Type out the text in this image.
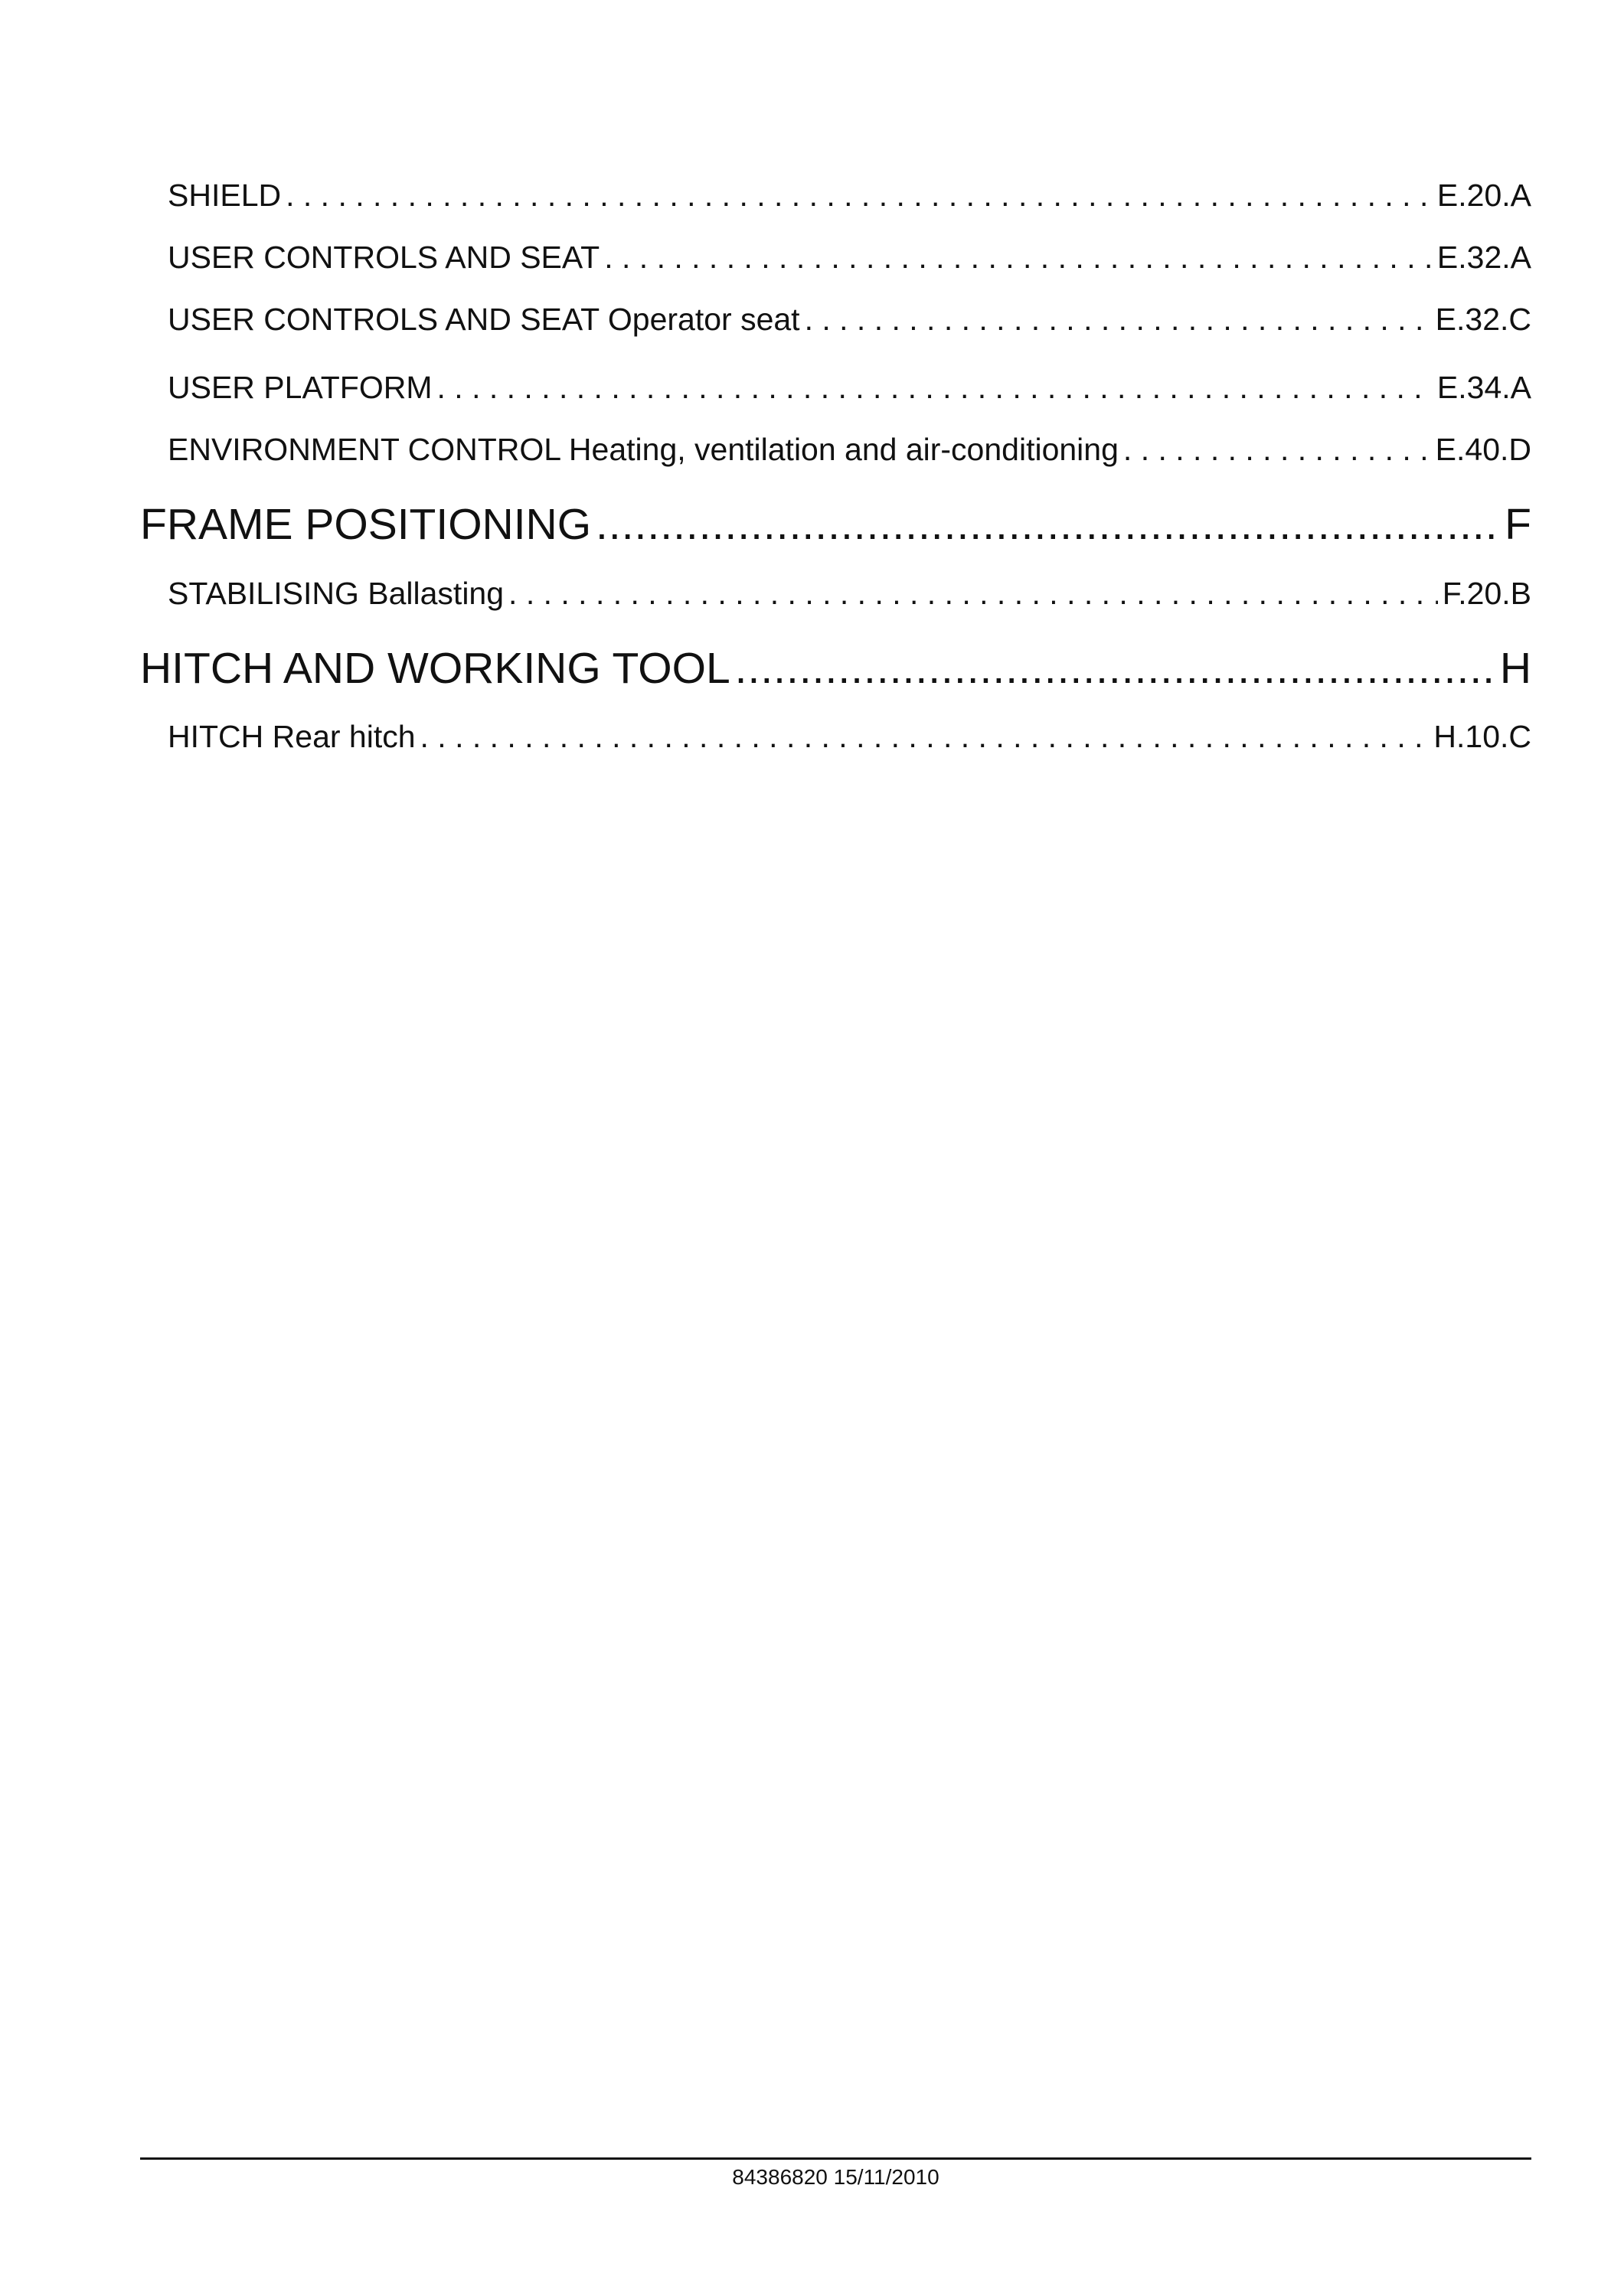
SHIELD . . .	E.20.A
USER CONTROLS AND SEAT . . .	E.32.A
USER CONTROLS AND SEAT Operator seat . . .	E.32.C
USER PLATFORM . . .	E.34.A
ENVIRONMENT CONTROL Heating, ventilation and air-conditioning . . .	E.40.D
FRAME POSITIONING .....	F
STABILISING Ballasting . . .	F.20.B
HITCH AND WORKING TOOL .....	H
HITCH Rear hitch . . .	H.10.C
84386820 15/11/2010
